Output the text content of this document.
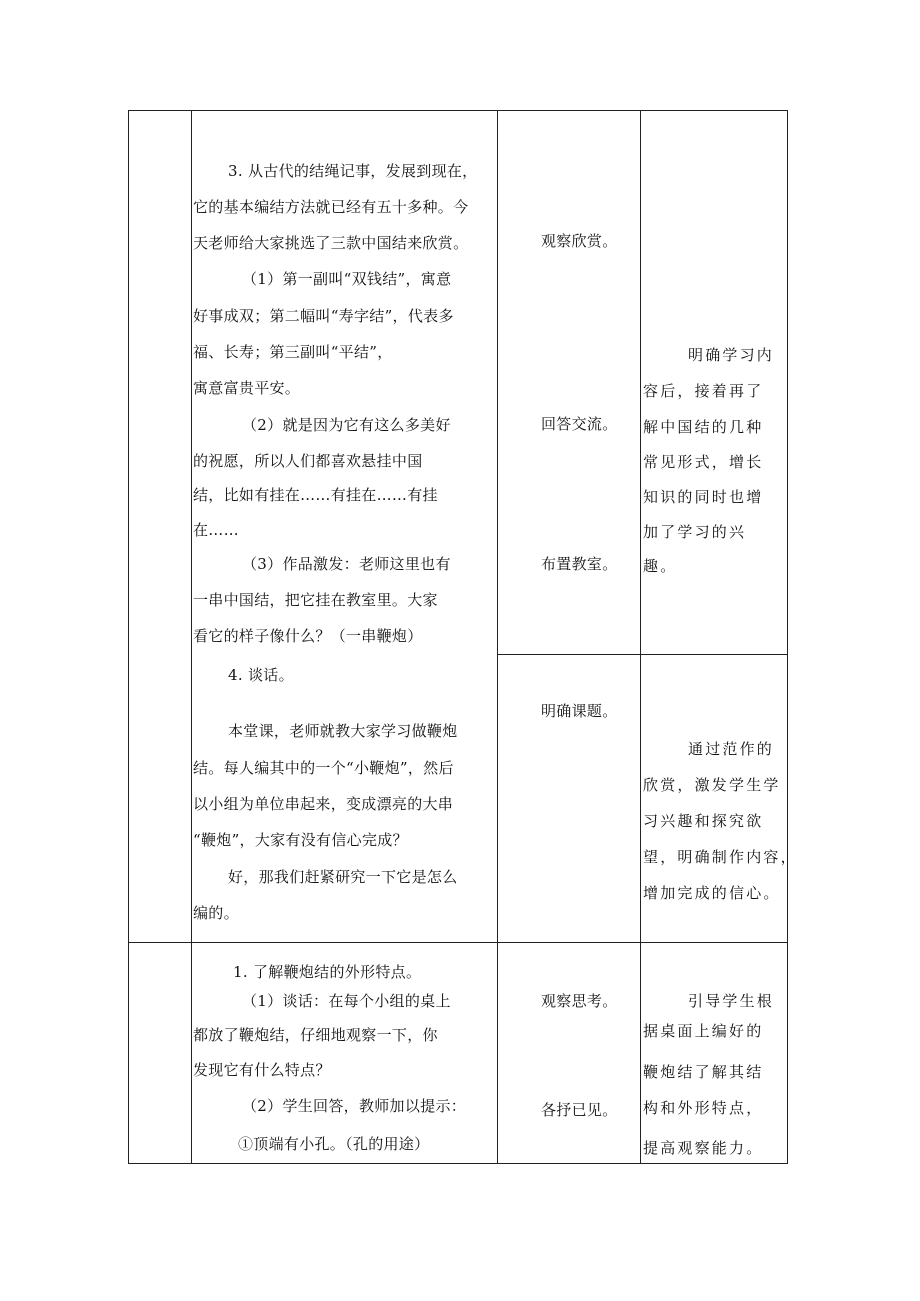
3. 从古代的结绳记事，发展到现在，
它的基本编结方法就已经有五十多种。今
天老师给大家挑选了三款中国结来欣赏。
（1）第一副叫“双钱结”，寓意
好事成双；第二幅叫“寿字结”，代表多
福、长寿；第三副叫“平结”，
寓意富贵平安。
（2）就是因为它有这么多美好
的祝愿，所以人们都喜欢悬挂中国
结，比如有挂在……有挂在……有挂
在……
（3）作品激发：老师这里也有
一串中国结，把它挂在教室里。大家
看它的样子像什么？（一串鞭炮）
观察欣赏。
回答交流。
布置教室。
明确学习内
容后，接着再了
解中国结的几种
常见形式，增长
知识的同时也增
加了学习的兴
趣。
4. 谈话。
本堂课，老师就教大家学习做鞭炮
结。每人编其中的一个“小鞭炮”，然后
以小组为单位串起来，变成漂亮的大串
“鞭炮”，大家有没有信心完成？
好，那我们赶紧研究一下它是怎么
编的。
明确课题。
通过范作的
欣赏，激发学生学
习兴趣和探究欲
望，明确制作内容，
增加完成的信心。
1. 了解鞭炮结的外形特点。
（1）谈话：在每个小组的桌上
都放了鞭炮结，仔细地观察一下，你
发现它有什么特点？
（2）学生回答，教师加以提示：
①顶端有小孔。（孔的用途）
观察思考。
各抒已见。
引导学生根
据桌面上编好的
鞭炮结了解其结
构和外形特点，
提高观察能力。
